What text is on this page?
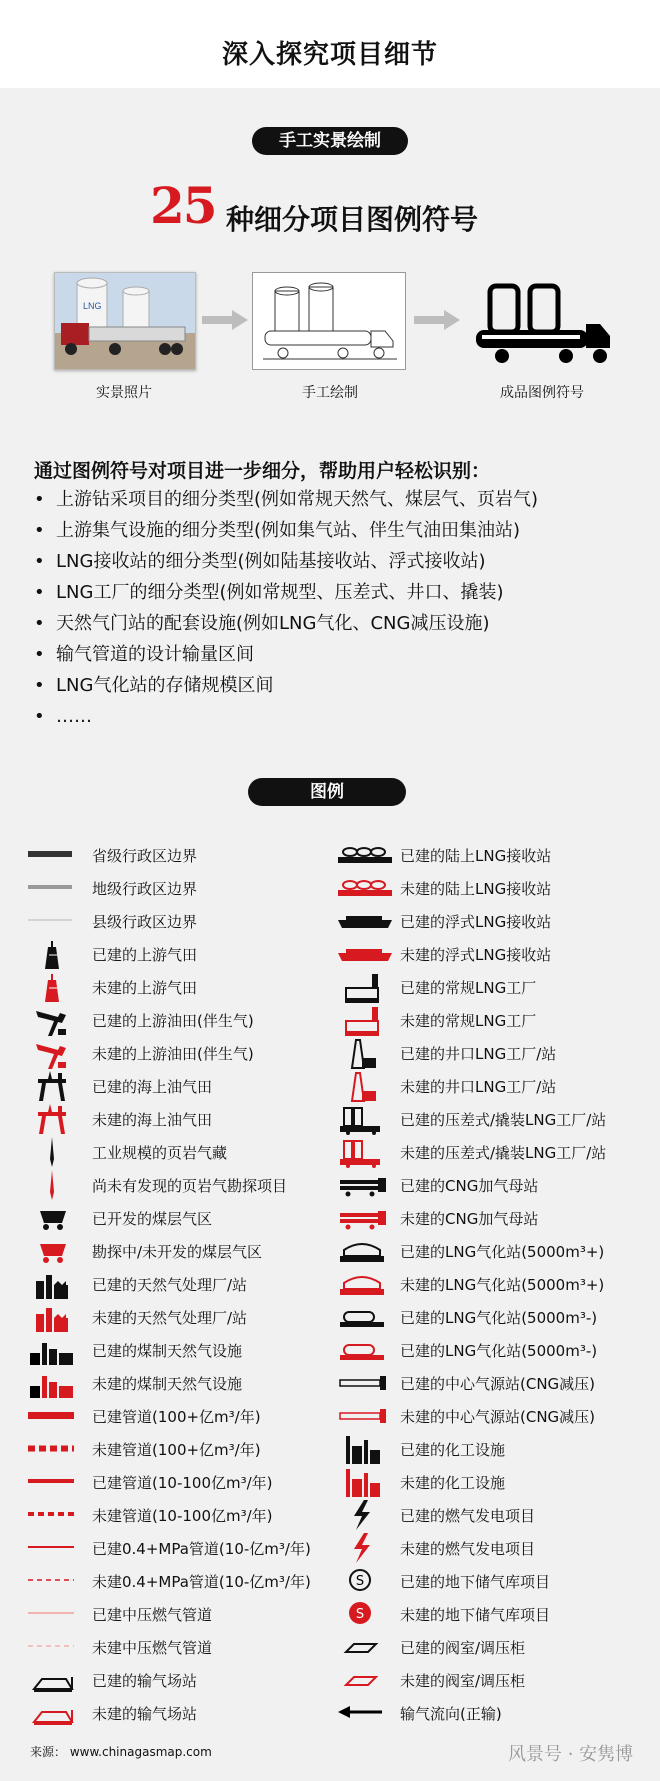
深入探究项目细节
手工实景绘制
25 种细分项目图例符号
LNG
实景照片	手工绘制	成品图例符号
通过图例符号对项目进一步细分，帮助用户轻松识别：
• 上游钻采项目的细分类型(例如常规天然气、煤层气、页岩气)
• 上游集气设施的细分类型(例如集气站、伴生气油田集油站)
• LNG接收站的细分类型(例如陆基接收站、浮式接收站)
• LNG工厂的细分类型(例如常规型、压差式、井口、撬装)
• 天然气门站的配套设施(例如LNG气化、CNG减压设施)
• 输气管道的设计输量区间
• LNG气化站的存储规模区间
• ……
图例
省级行政区边界
地级行政区边界
县级行政区边界
已建的上游气田
未建的上游气田
已建的上游油田(伴生气)
未建的上游油田(伴生气)
已建的海上油气田
未建的海上油气田
工业规模的页岩气藏
尚未有发现的页岩气勘探项目
已开发的煤层气区
勘探中/未开发的煤层气区
已建的天然气处理厂/站
未建的天然气处理厂/站
已建的煤制天然气设施
未建的煤制天然气设施
已建管道(100+亿m³/年)
未建管道(100+亿m³/年)
已建管道(10-100亿m³/年)
未建管道(10-100亿m³/年)
已建0.4+MPa管道(10-亿m³/年)
未建0.4+MPa管道(10-亿m³/年)
已建中压燃气管道
未建中压燃气管道
已建的输气场站
未建的输气场站
已建的陆上LNG接收站
未建的陆上LNG接收站
已建的浮式LNG接收站
未建的浮式LNG接收站
已建的常规LNG工厂
未建的常规LNG工厂
已建的井口LNG工厂/站
未建的井口LNG工厂/站
已建的压差式/撬装LNG工厂/站
未建的压差式/撬装LNG工厂/站
已建的CNG加气母站
未建的CNG加气母站
已建的LNG气化站(5000m³+)
未建的LNG气化站(5000m³+)
已建的LNG气化站(5000m³-)
已建的LNG气化站(5000m³-)
已建的中心气源站(CNG减压)
未建的中心气源站(CNG减压)
已建的化工设施
未建的化工设施
已建的燃气发电项目
未建的燃气发电项目
S 已建的地下储气库项目
S 未建的地下储气库项目
已建的阀室/调压柜
未建的阀室/调压柜
输气流向(正输)
来源： www.chinagasmap.com	风景号 · 安隽博
